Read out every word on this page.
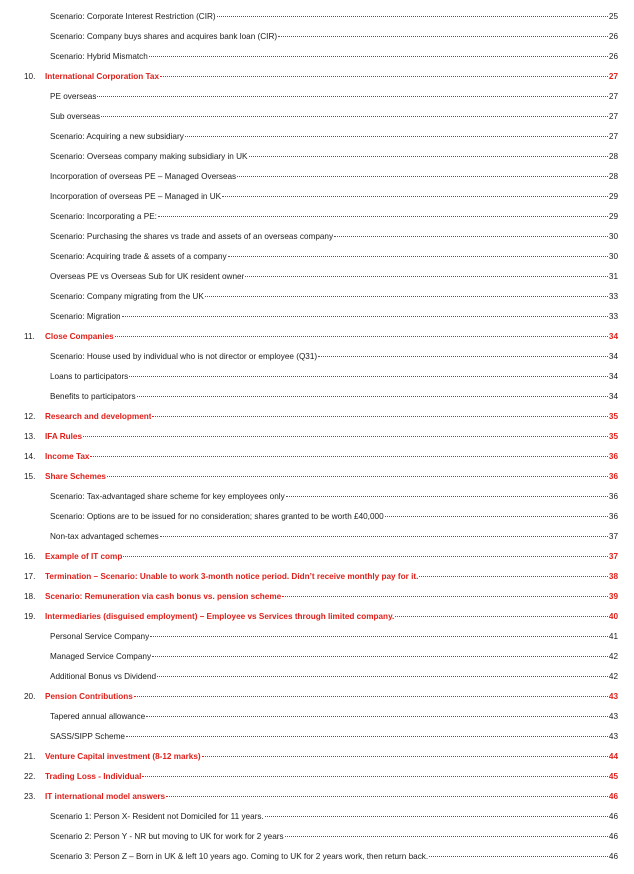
Scenario: Corporate Interest Restriction (CIR)	25
Scenario: Company buys shares and acquires bank loan (CIR)	26
Scenario: Hybrid Mismatch	26
10.	International Corporation Tax	27
PE overseas	27
Sub overseas	27
Scenario: Acquiring a new subsidiary	27
Scenario: Overseas company making subsidiary in UK	28
Incorporation of overseas PE – Managed Overseas	28
Incorporation of overseas PE – Managed in UK	29
Scenario: Incorporating a PE:	29
Scenario: Purchasing the shares vs trade and assets of an overseas company	30
Scenario: Acquiring trade & assets of a company	30
Overseas PE vs Overseas Sub for UK resident owner	31
Scenario: Company migrating from the UK	33
Scenario: Migration	33
11.	Close Companies	34
Scenario: House used by individual who is not director or employee (Q31)	34
Loans to participators	34
Benefits to participators	34
12.	Research and development	35
13.	IFA Rules	35
14.	Income Tax	36
15.	Share Schemes	36
Scenario: Tax-advantaged share scheme for key employees only	36
Scenario: Options are to be issued for no consideration; shares granted to be worth £40,000	36
Non-tax advantaged schemes	37
16.	Example of IT comp	37
17.	Termination – Scenario: Unable to work 3-month notice period. Didn’t receive monthly pay for it.	38
18.	Scenario: Remuneration via cash bonus vs. pension scheme	39
19.	Intermediaries (disguised employment) – Employee vs Services through limited company.	40
Personal Service Company	41
Managed Service Company	42
Additional Bonus vs Dividend	42
20.	Pension Contributions	43
Tapered annual allowance	43
SASS/SIPP Scheme	43
21.	Venture Capital investment (8-12 marks)	44
22.	Trading Loss - Individual	45
23.	IT international model answers	46
Scenario 1: Person X- Resident not Domiciled for 11 years.	46
Scenario 2: Person Y - NR but moving to UK for work for 2 years	46
Scenario 3: Person Z – Born in UK & left 10 years ago. Coming to UK for 2 years work, then return back.	46
